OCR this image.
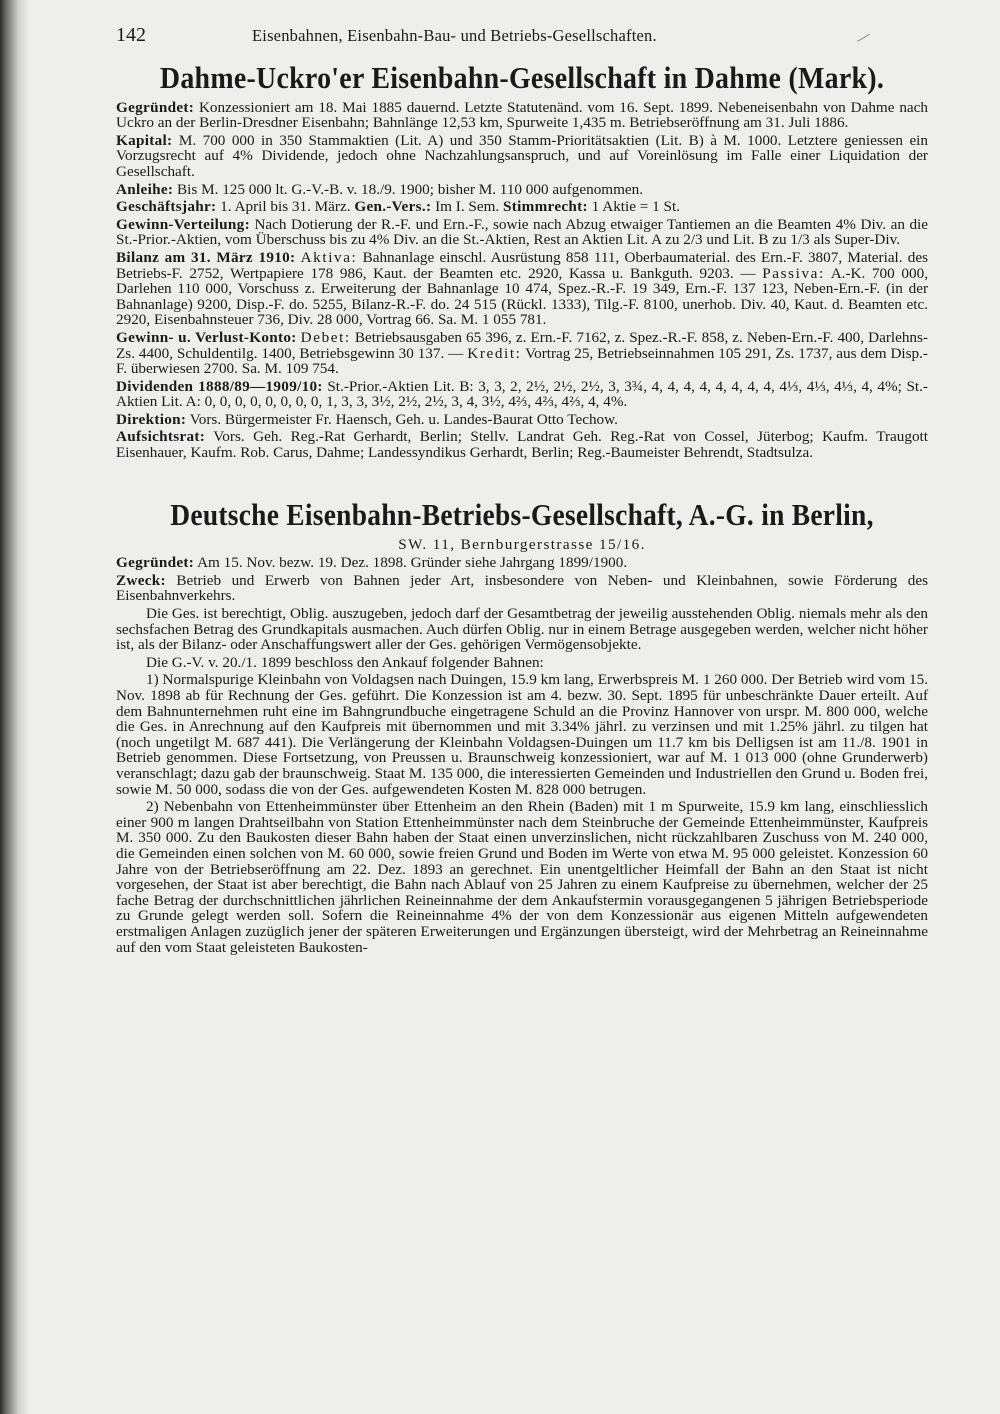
142	Eisenbahnen, Eisenbahn-Bau- und Betriebs-Gesellschaften.
Dahme-Uckro'er Eisenbahn-Gesellschaft in Dahme (Mark).

Gegründet: Konzessioniert am 18. Mai 1885 dauernd. Letzte Statutenänd. vom 16. Sept. 1899. Nebeneisenbahn von Dahme nach Uckro an der Berlin-Dresdner Eisenbahn; Bahnlänge 12,53 km, Spurweite 1,435 m. Betriebseröffnung am 31. Juli 1886.

Kapital: M. 700 000 in 350 Stammaktien (Lit. A) und 350 Stamm-Prioritätsaktien (Lit. B) à M. 1000. Letztere geniessen ein Vorzugsrecht auf 4% Dividende, jedoch ohne Nachzahlungsanspruch, und auf Voreinlösung im Falle einer Liquidation der Gesellschaft.

Anleihe: Bis M. 125 000 lt. G.-V.-B. v. 18./9. 1900; bisher M. 110 000 aufgenommen.

Geschäftsjahr: 1. April bis 31. März. Gen.-Vers.: Im I. Sem. Stimmrecht: 1 Aktie = 1 St.

Gewinn-Verteilung: Nach Dotierung der R.-F. und Ern.-F., sowie nach Abzug etwaiger Tantiemen an die Beamten 4% Div. an die St.-Prior.-Aktien, vom Überschuss bis zu 4% Div. an die St.-Aktien, Rest an Aktien Lit. A zu 2/3 und Lit. B zu 1/3 als Super-Div.

Bilanz am 31. März 1910: Aktiva: Bahnanlage einschl. Ausrüstung 858 111, Oberbaumaterial. des Ern.-F. 3807, Material. des Betriebs-F. 2752, Wertpapiere 178 986, Kaut. der Beamten etc. 2920, Kassa u. Bankguth. 9203. — Passiva: A.-K. 700 000, Darlehen 110 000, Vorschuss z. Erweiterung der Bahnanlage 10 474, Spez.-R.-F. 19 349, Ern.-F. 137 123, Neben-Ern.-F. (in der Bahnanlage) 9200, Disp.-F. do. 5255, Bilanz-R.-F. do. 24 515 (Rückl. 1333), Tilg.-F. 8100, unerhob. Div. 40, Kaut. d. Beamten etc. 2920, Eisenbahnsteuer 736, Div. 28 000, Vortrag 66. Sa. M. 1 055 781.

Gewinn- u. Verlust-Konto: Debet: Betriebsausgaben 65 396, z. Ern.-F. 7162, z. Spez.-R.-F. 858, z. Neben-Ern.-F. 400, Darlehns-Zs. 4400, Schuldentilg. 1400, Betriebsgewinn 30 137. — Kredit: Vortrag 25, Betriebseinnahmen 105 291, Zs. 1737, aus dem Disp.-F. überwiesen 2700. Sa. M. 109 754.

Dividenden 1888/89—1909/10: St.-Prior.-Aktien Lit. B: 3, 3, 2, 2½, 2½, 2½, 3, 3¾, 4, 4, 4, 4, 4, 4, 4, 4, 4⅓, 4⅓, 4⅓, 4, 4%; St.-Aktien Lit. A: 0, 0, 0, 0, 0, 0, 0, 0, 1, 3, 3, 3½, 2½, 2½, 3, 4, 3½, 4⅔, 4⅔, 4⅔, 4, 4%.

Direktion: Vors. Bürgermeister Fr. Haensch, Geh. u. Landes-Baurat Otto Techow.

Aufsichtsrat: Vors. Geh. Reg.-Rat Gerhardt, Berlin; Stellv. Landrat Geh. Reg.-Rat von Cossel, Jüterbog; Kaufm. Traugott Eisenhauer, Kaufm. Rob. Carus, Dahme; Landessyndikus Gerhardt, Berlin; Reg.-Baumeister Behrendt, Stadtsulza.

Deutsche Eisenbahn-Betriebs-Gesellschaft, A.-G. in Berlin,
SW. 11, Bernburgerstrasse 15/16.

Gegründet: Am 15. Nov. bezw. 19. Dez. 1898. Gründer siehe Jahrgang 1899/1900.

Zweck: Betrieb und Erwerb von Bahnen jeder Art, insbesondere von Neben- und Kleinbahnen, sowie Förderung des Eisenbahnverkehrs.

Die Ges. ist berechtigt, Oblig. auszugeben, jedoch darf der Gesamtbetrag der jeweilig ausstehenden Oblig. niemals mehr als den sechsfachen Betrag des Grundkapitals ausmachen. Auch dürfen Oblig. nur in einem Betrage ausgegeben werden, welcher nicht höher ist, als der Bilanz- oder Anschaffungswert aller der Ges. gehörigen Vermögensobjekte.

Die G.-V. v. 20./1. 1899 beschloss den Ankauf folgender Bahnen:

1) Normalspurige Kleinbahn von Voldagsen nach Duingen, 15.9 km lang, Erwerbspreis M. 1 260 000. Der Betrieb wird vom 15. Nov. 1898 ab für Rechnung der Ges. geführt. Die Konzession ist am 4. bezw. 30. Sept. 1895 für unbeschränkte Dauer erteilt. Auf dem Bahnunternehmen ruht eine im Bahngrundbuche eingetragene Schuld an die Provinz Hannover von urspr. M. 800 000, welche die Ges. in Anrechnung auf den Kaufpreis mit übernommen und mit 3.34% jährl. zu verzinsen und mit 1.25% jährl. zu tilgen hat (noch ungetilgt M. 687 441). Die Verlängerung der Kleinbahn Voldagsen-Duingen um 11.7 km bis Delligsen ist am 11./8. 1901 in Betrieb genommen. Diese Fortsetzung, von Preussen u. Braunschweig konzessioniert, war auf M. 1 013 000 (ohne Grunderwerb) veranschlagt; dazu gab der braunschweig. Staat M. 135 000, die interessierten Gemeinden und Industriellen den Grund u. Boden frei, sowie M. 50 000, sodass die von der Ges. aufgewendeten Kosten M. 828 000 betrugen.

2) Nebenbahn von Ettenheimmünster über Ettenheim an den Rhein (Baden) mit 1 m Spurweite, 15.9 km lang, einschliesslich einer 900 m langen Drahtseilbahn von Station Ettenheimmünster nach dem Steinbruche der Gemeinde Ettenheimmünster, Kaufpreis M. 350 000. Zu den Baukosten dieser Bahn haben der Staat einen unverzinslichen, nicht rückzahlbaren Zuschuss von M. 240 000, die Gemeinden einen solchen von M. 60 000, sowie freien Grund und Boden im Werte von etwa M. 95 000 geleistet. Konzession 60 Jahre von der Betriebseröffnung am 22. Dez. 1893 an gerechnet. Ein unentgeltlicher Heimfall der Bahn an den Staat ist nicht vorgesehen, der Staat ist aber berechtigt, die Bahn nach Ablauf von 25 Jahren zu einem Kaufpreise zu übernehmen, welcher der 25 fache Betrag der durchschnittlichen jährlichen Reineinnahme der dem Ankaufstermin vorausgegangenen 5 jährigen Betriebsperiode zu Grunde gelegt werden soll. Sofern die Reineinnahme 4% der von dem Konzessionär aus eigenen Mitteln aufgewendeten erstmaligen Anlagen zuzüglich jener der späteren Erweiterungen und Ergänzungen übersteigt, wird der Mehrbetrag an Reineinnahme auf den vom Staat geleisteten Baukosten-
